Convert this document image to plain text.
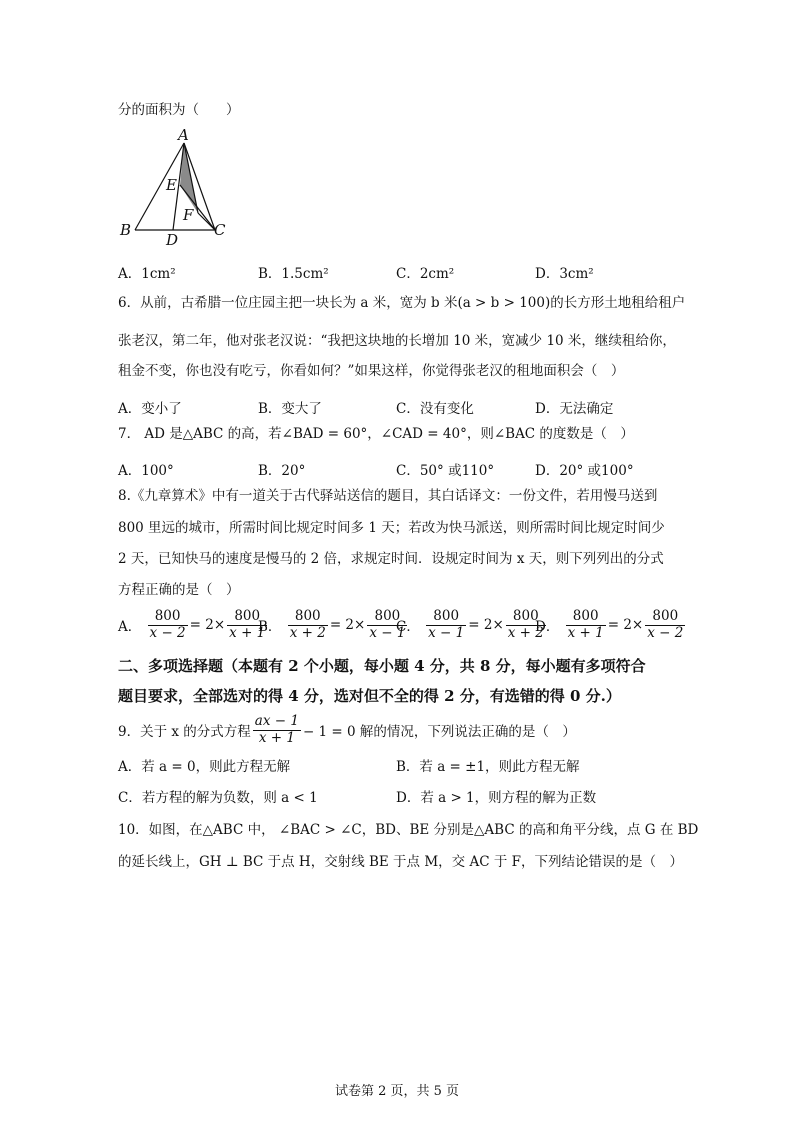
分的面积为（　　）
A
E
F
B
D
C
A．1cm²	B．1.5cm²	C．2cm²	D．3cm²
6．从前，古希腊一位庄园主把一块长为 a 米，宽为 b 米(a > b > 100)的长方形土地租给租户
张老汉，第二年，他对张老汉说：“我把这块地的长增加 10 米，宽减少 10 米，继续租给你，
租金不变，你也没有吃亏，你看如何？”如果这样，你觉得张老汉的租地面积会（　）
A．变小了	B．变大了	C．没有变化	D．无法确定
7． AD 是△ABC 的高，若∠BAD = 60°，∠CAD = 40°，则∠BAC 的度数是（　）
A．100°	B．20°	C．50° 或110°	D．20° 或100°
8.《九章算术》中有一道关于古代驿站送信的题目，其白话译文：一份文件，若用慢马送到
800 里远的城市，所需时间比规定时间多 1 天；若改为快马派送，则所需时间比规定时间少
2 天，已知快马的速度是慢马的 2 倍，求规定时间．设规定时间为 x 天，则下列列出的分式
方程正确的是（　）
A． $\frac{800}{x - 2} = 2\times \frac{800}{x + 1}$
B． $\frac{800}{x + 2} = 2\times \frac{800}{x - 1}$
C． $\frac{800}{x - 1} = 2\times \frac{800}{x + 2}$
D． $\frac{800}{x + 1} = 2\times \frac{800}{x - 2}$
二、多项选择题（本题有 2 个小题，每小题 4 分，共 8 分，每小题有多项符合
题目要求，全部选对的得 4 分，选对但不全的得 2 分，有选错的得 0 分.）
9．关于 x 的分式方程 $\frac{ax - 1}{x + 1} - 1 = 0$ 解的情况，下列说法正确的是（　）
A．若 a = 0，则此方程无解	B．若 a = ±1，则此方程无解
C．若方程的解为负数，则 a < 1	D．若 a > 1，则方程的解为正数
10．如图，在△ABC 中， ∠BAC > ∠C，BD、BE 分别是△ABC 的高和角平分线，点 G 在 BD
的延长线上，GH ⊥ BC 于点 H，交射线 BE 于点 M，交 AC 于 F，下列结论错误的是（　）
试卷第 2 页，共 5 页
